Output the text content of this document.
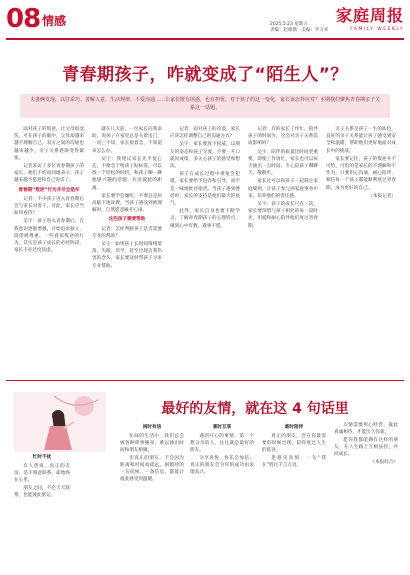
08 情感	2025.5.23 星期五
责编：赵薇薇　美编：罗万祥
家庭周报
FAMILY WEEKLY
青春期孩子，咋就变成了“陌生人”？
夫妻俩发现，以往乖巧、善解人意、生活规律、不爱沟通……让家长既有困惑，也有担忧。对于孩子的这一变化，家长该怎样应对？本期我们聚焦青春期亲子关系这一话题。

面对孩子的叛逆，让父母很受伤。可在孩子的眼中，父母却越来越不理解自己，双方之间的沟通也越来越少，亲子关系逐渐变得紧张。

记者采访了多位青春期孩子的家长，他们不约而同地表示：孩子越来越不愿意和自己说话了。

青春期“叛逆”行为并非全是坏

记者：不少孩子进入青春期后会与家长对着干，对此，家长应当如何看待？

吴宇：孩子进入青春期后，自我意识逐渐增强，开始追求独立，渴望被尊重。一些看似叛逆的行为，其实是孩子成长的必经阶段，家长不必过度焦虑。

就在几天前，一位家长向我求助，说孩子在家里总是关着房门，一问三不知，家长很着急，不知道该怎么办。

吴宇：我建议家长先平复心态，不要急于给孩子贴标签。可以找一个轻松的时机，和孩子聊一聊他感兴趣的话题，拉近彼此的距离。

家长要学会倾听，不要总是居高临下地说教。当孩子感受到被理解时，自然愿意敞开心扉。

这些孩子需要帮助

记者：怎样判断孩子是否需要专业的帮助？

吴宇：如果孩子长时间情绪低落、失眠、厌学，甚至出现自我伤害的念头，家长要及时带孩子寻求专业帮助。

记者：面对孩子的冷漠，家长应该怎样调整自己的沟通方式？

吴宇：家长要放下权威，以朋友的姿态和孩子交流。不要一开口就问成绩，多关心孩子的感受和想法。

孩子在成长过程中难免会犯错，家长要给予包容和引导，而不是一味地批评指责。当孩子遇到挫折时，家长的支持是他们最大的底气。

此外，家长自身也要不断学习，了解青春期孩子的心理特点，做到心中有数，遇事不慌。

记者：有的家长工作忙，陪伴孩子的时间少，这会对亲子关系造成影响吗？

吴宇：陪伴的质量比时间更重要。即使工作再忙，家长也可以每天抽出一点时间，专心陪孩子聊聊天、散散步。

家长还可以和孩子一起制定家庭规则，让孩子参与到家庭事务中来，培养他们的责任感。

吴宇：孩子的成长只有一次，家长要珍惜与孩子相处的每一段时光，用爱和耐心陪伴他们度过青春期。

亲子关系是孩子一生的底色。良好的亲子关系能让孩子感受到安全和温暖，帮助他们更好地面对成长中的挑战。

家长要记住，孩子的叛逆并不可怕，可怕的是家长的不理解和不作为。只要用心沟通，耐心陪伴，相信每一个孩子都能顺利度过青春期，成为更好的自己。

（本报记者）

最好的友情，就在这 4 句话里

忙时不扰

有人曾说，真正的友谊，是不刻意联系，却始终在心里。

朋友之间，不必天天联系，也能彼此惦记。

闲时有信

忙碌的生活中，我们总会被各种琐事缠身，难以抽出时间和朋友相聚。

但真正的朋友，不会因为距离和时间而疏远。闲暇时的一句问候，一条信息，都能让彼此感受到温暖。

喜时互享

遇到开心的事情，第一个想分享的人，往往就是最好的朋友。

分享喜悦，快乐会加倍；真正的朋友会为你的成功由衷地高兴。

难时陪伴

真正的朋友，会在你最需要的时候出现，陪你度过人生的低谷。

患难见真情，一句“我在”胜过千言万语。

友情需要用心经营，彼此真诚相待，才能历久弥新。

愿你我都能拥有这样的朋友，在人生路上互相扶持，共同成长。

（本报综合）
